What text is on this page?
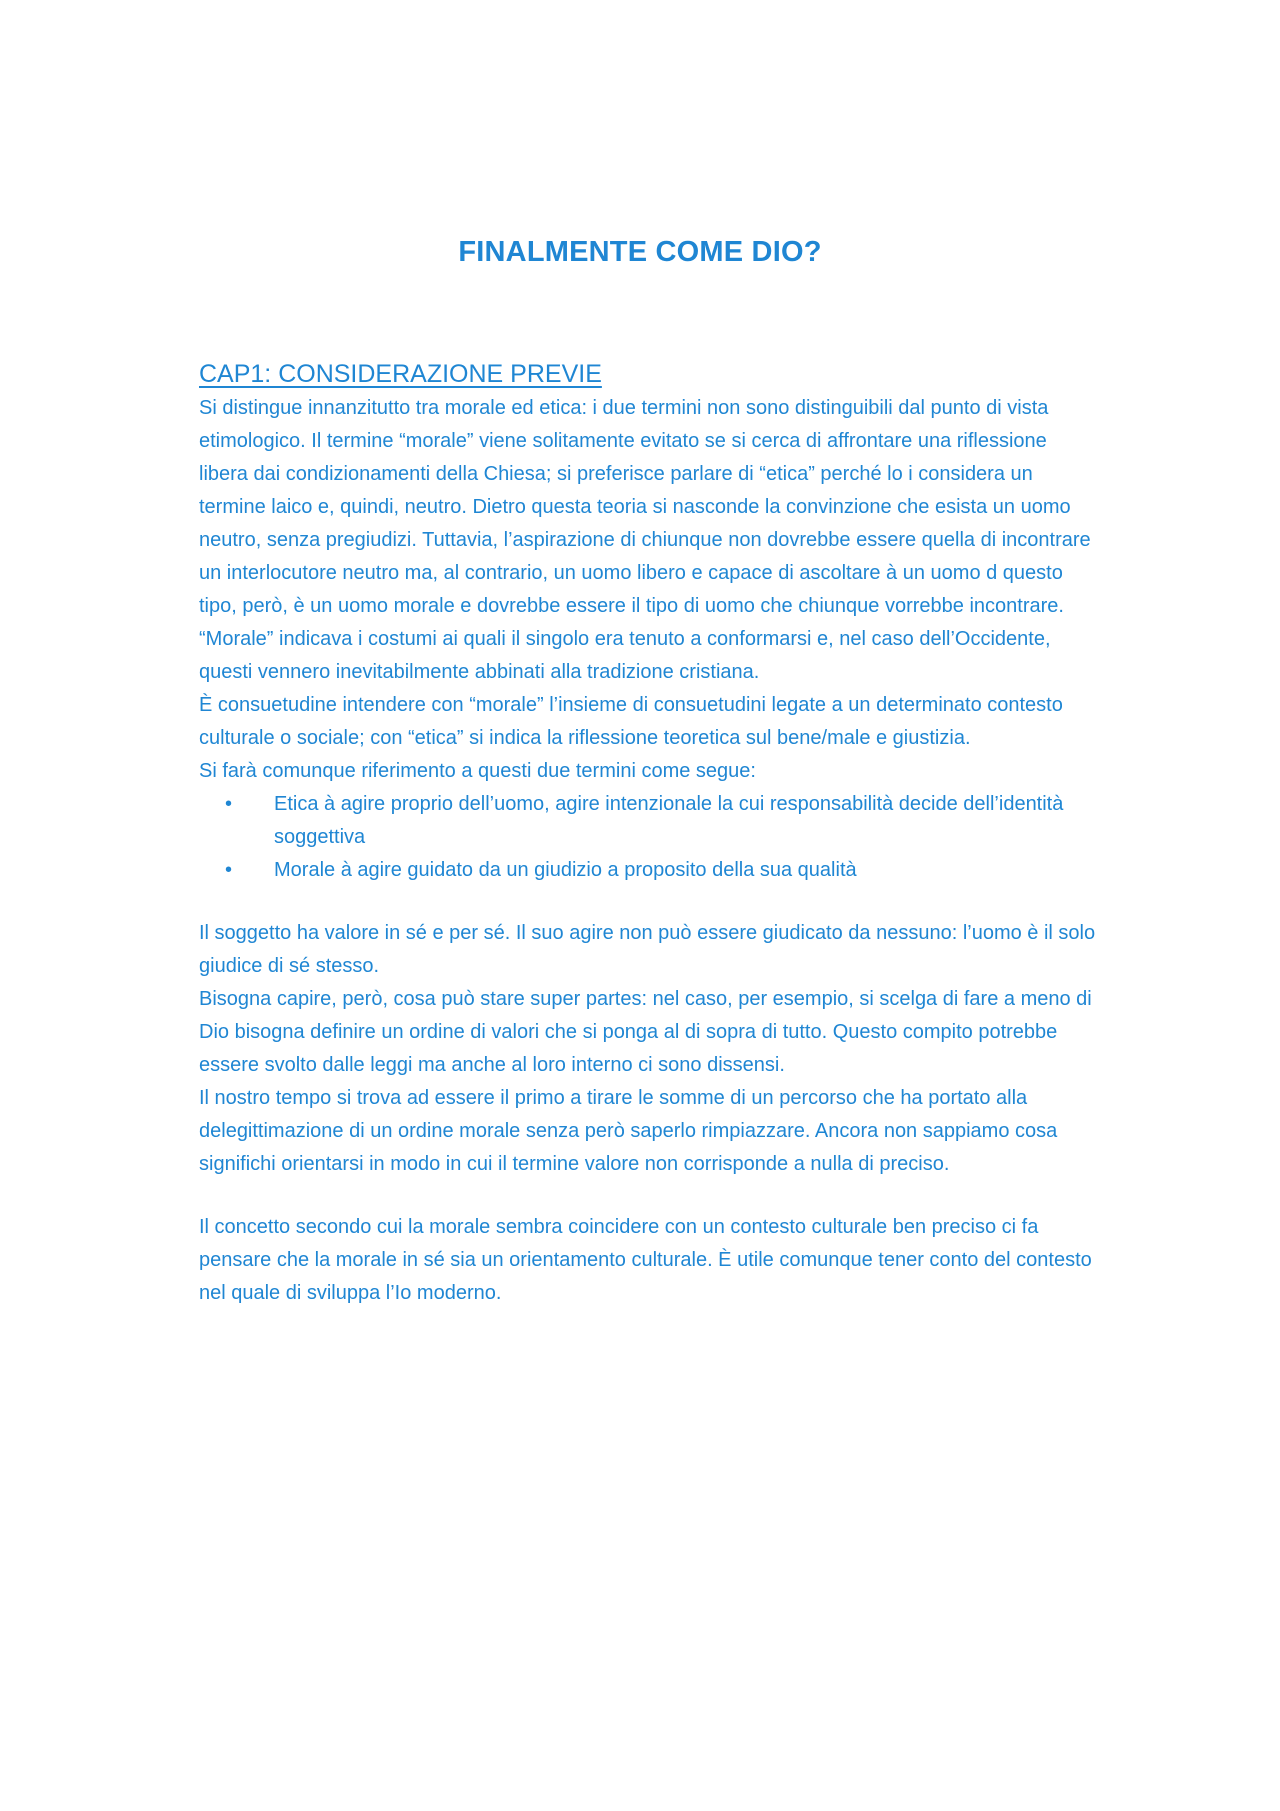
FINALMENTE COME DIO?
CAP1: CONSIDERAZIONE PREVIE

Si distingue innanzitutto tra morale ed etica: i due termini non sono distinguibili dal punto di vista etimologico. Il termine “morale” viene solitamente evitato se si cerca di affrontare una riflessione libera dai condizionamenti della Chiesa; si preferisce parlare di “etica” perché lo i considera un termine laico e, quindi, neutro. Dietro questa teoria si nasconde la convinzione che esista un uomo neutro, senza pregiudizi. Tuttavia, l’aspirazione di chiunque non dovrebbe essere quella di incontrare un interlocutore neutro ma, al contrario, un uomo libero e capace di ascoltare à un uomo d questo tipo, però, è un uomo morale e dovrebbe essere il tipo di uomo che chiunque vorrebbe incontrare.

“Morale” indicava i costumi ai quali il singolo era tenuto a conformarsi e, nel caso dell’Occidente, questi vennero inevitabilmente abbinati alla tradizione cristiana.

È consuetudine intendere con “morale” l’insieme di consuetudini legate a un determinato contesto culturale o sociale; con “etica” si indica la riflessione teoretica sul bene/male e giustizia.

Si farà comunque riferimento a questi due termini come segue:

• Etica à agire proprio dell’uomo, agire intenzionale la cui responsabilità decide dell’identità soggettiva
• Morale à agire guidato da un giudizio a proposito della sua qualità

Il soggetto ha valore in sé e per sé. Il suo agire non può essere giudicato da nessuno: l’uomo è il solo giudice di sé stesso.

Bisogna capire, però, cosa può stare super partes: nel caso, per esempio, si scelga di fare a meno di Dio bisogna definire un ordine di valori che si ponga al di sopra di tutto. Questo compito potrebbe essere svolto dalle leggi ma anche al loro interno ci sono dissensi.

Il nostro tempo si trova ad essere il primo a tirare le somme di un percorso che ha portato alla delegittimazione di un ordine morale senza però saperlo rimpiazzare. Ancora non sappiamo cosa significhi orientarsi in modo in cui il termine valore non corrisponde a nulla di preciso.

Il concetto secondo cui la morale sembra coincidere con un contesto culturale ben preciso ci fa pensare che la morale in sé sia un orientamento culturale. È utile comunque tener conto del contesto nel quale di sviluppa l’Io moderno.
